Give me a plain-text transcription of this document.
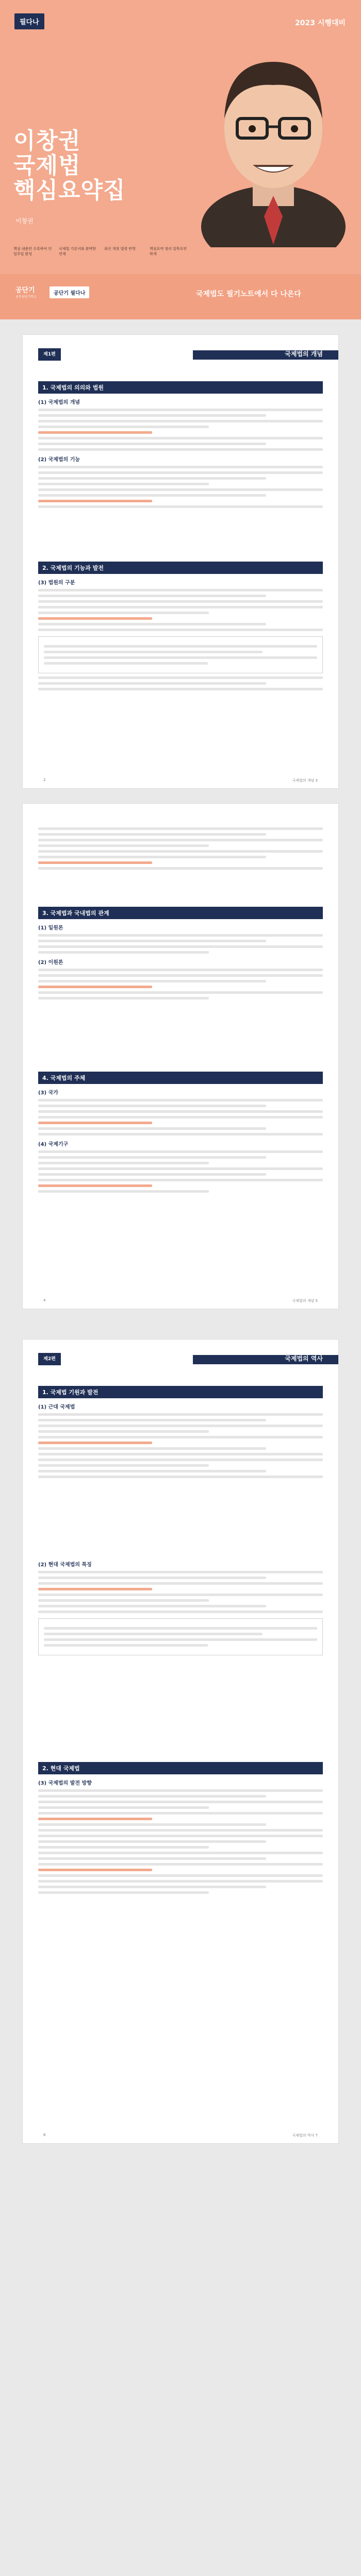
필다나	2023 시행대비
이창권
국제법
핵심요약집
이창권
핵심 내용만 수록하여 단 일주일 완성
국제법 기본서와 완벽한 연계
최신 개정 법령 반영	핵심요약 정리 일목요연하게
공단기
공무원단기학교
공단기 필다나	국제법도 필기노트에서 다 나온다
제1편	국제법의 개념
1. 국제법의 의의와 법원
(1) 국제법의 개념
(2) 국제법의 기능
2. 국제법의 기능과 발전
(3) 법원의 구분
2	국제법의 개념 3
3. 국제법과 국내법의 관계
(1) 일원론
(2) 이원론
4. 국제법의 주체
(3) 국가
(4) 국제기구
4	국제법의 개념 5
제2편	국제법의 역사
1. 국제법 기원과 발전
(1) 근대 국제법
(2) 현대 국제법의 특징
2. 현대 국제법
(3) 국제법의 발전 방향
6	국제법의 역사 7
